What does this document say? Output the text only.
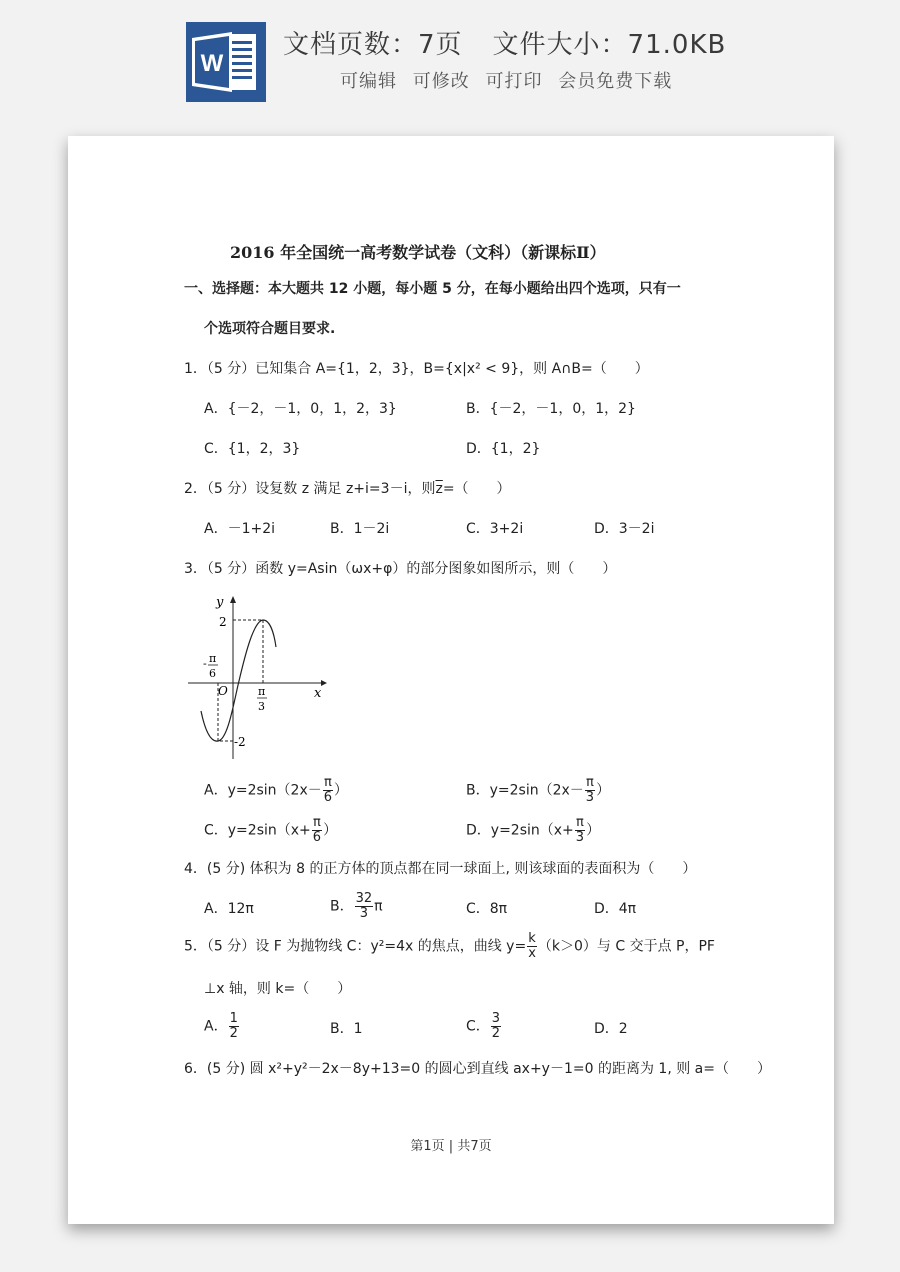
W
文档页数：7页 文件大小：71.0KB
可编辑 可修改 可打印 会员免费下载
2016 年全国统一高考数学试卷（文科）（新课标Ⅱ）
一、选择题：本大题共 12 小题，每小题 5 分，在每小题给出四个选项，只有一
个选项符合题目要求.
1．（5 分）已知集合 A={1，2，3}，B={x|x² < 9}，则 A∩B=（　　）
A．{－2，－1，0，1，2，3}	B．{－2，－1，0，1，2}
C．{1，2，3}	D．{1，2}
2．（5 分）设复数 z 满足 z+i=3－i，则$\overline{z}=$（　　）
A．－1+2i	B．1－2i	C．3+2i	D．3－2i
3．（5 分）函数 y=Asin（ωx+φ）的部分图象如图所示，则（　　）
y
x
O
2
-2
- π
6
π
3
A．$y=2\sin(2x- \frac{\pi}{6}$ ）	B．$y=2\sin(2x- \frac{\pi}{3}$ ）
C．$y=2\sin(x+ \frac{\pi}{6}$ ）	D．$y=2\sin(x+ \frac{\pi}{3}$ ）
4．(5 分) 体积为 8 的正方体的顶点都在同一球面上, 则该球面的表面积为（　　）
A．12π	B． $\frac{32}{3}$ π	C．8π	D．4π
5．（5 分）设 F 为抛物线 C：y²=4x 的焦点，曲线 $y= \frac{k}{x} (k>0)$与 C 交于点 P，PF
⊥x 轴，则 k=（　　）
A． $\frac{1}{2}$	B．1	C． $\frac{3}{2}$	D．2
6．(5 分) 圆 x²+y²－2x－8y+13=0 的圆心到直线 ax+y－1=0 的距离为 1, 则 a=（　　）
第1页 | 共7页
